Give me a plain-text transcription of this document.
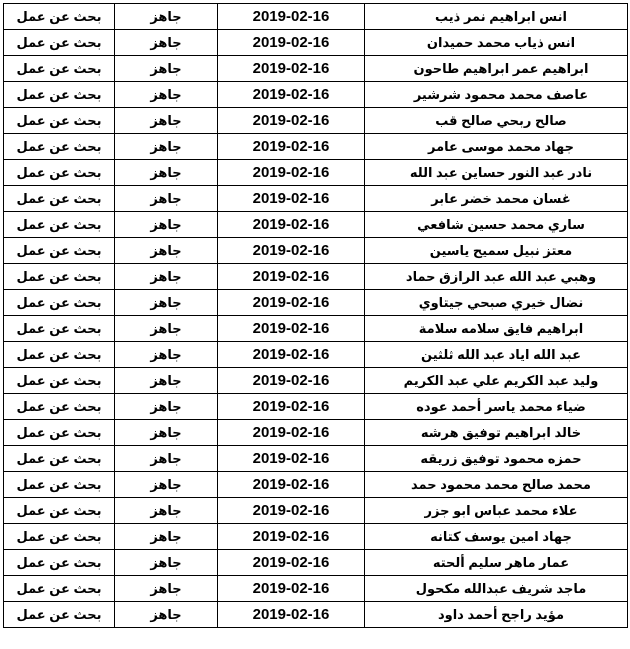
بحث عن عمل	جاهز	2019-02-16	انس ابراهيم نمر ذيب
بحث عن عمل	جاهز	2019-02-16	انس ذياب محمد حميدان
بحث عن عمل	جاهز	2019-02-16	ابراهيم عمر ابراهيم طاحون
بحث عن عمل	جاهز	2019-02-16	عاصف محمد محمود شرشير
بحث عن عمل	جاهز	2019-02-16	صالح ربحي صالح قب
بحث عن عمل	جاهز	2019-02-16	جهاد محمد موسى عامر
بحث عن عمل	جاهز	2019-02-16	نادر عبد النور حساين عبد الله
بحث عن عمل	جاهز	2019-02-16	غسان محمد خضر عابر
بحث عن عمل	جاهز	2019-02-16	ساري محمد حسين شافعي
بحث عن عمل	جاهز	2019-02-16	معتز نبيل سميح ياسين
بحث عن عمل	جاهز	2019-02-16	وهبي عبد الله عبد الرازق حماد
بحث عن عمل	جاهز	2019-02-16	نضال خيري صبحي جيتاوي
بحث عن عمل	جاهز	2019-02-16	ابراهيم فايق سلامه سلامة
بحث عن عمل	جاهز	2019-02-16	عبد الله اياد عبد الله ثلثين
بحث عن عمل	جاهز	2019-02-16	وليد عبد الكريم علي عبد الكريم
بحث عن عمل	جاهز	2019-02-16	ضياء محمد ياسر أحمد عوده
بحث عن عمل	جاهز	2019-02-16	خالد ابراهيم توفيق هرشه
بحث عن عمل	جاهز	2019-02-16	حمزه محمود توفيق زريقه
بحث عن عمل	جاهز	2019-02-16	محمد صالح محمد محمود حمد
بحث عن عمل	جاهز	2019-02-16	علاء محمد عباس ابو جزر
بحث عن عمل	جاهز	2019-02-16	جهاد امين يوسف كتانه
بحث عن عمل	جاهز	2019-02-16	عمار ماهر سليم ألحته
بحث عن عمل	جاهز	2019-02-16	ماجد شريف عبدالله مكحول
بحث عن عمل	جاهز	2019-02-16	مؤيد راجح أحمد داود
